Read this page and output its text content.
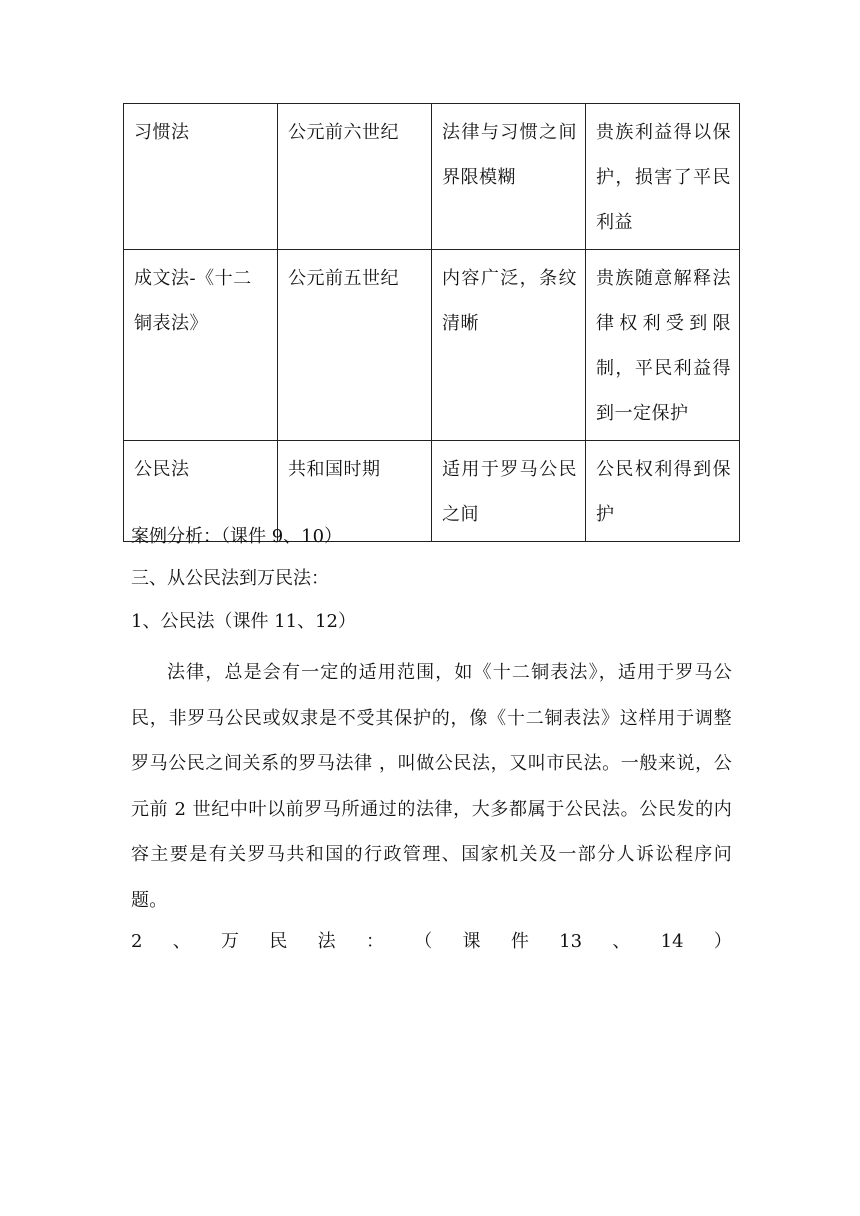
习惯法	公元前六世纪	法律与习惯之间界限模糊	贵族利益得以保护，损害了平民利益
成文法-《十二铜表法》	公元前五世纪	内容广泛，条纹清晰	贵族随意解释法律权利受到限制，平民利益得到一定保护
公民法	共和国时期	适用于罗马公民之间	公民权利得到保护
案例分析：（课件 9、10）
三、从公民法到万民法：
1、公民法（课件 11、12）
法律，总是会有一定的适用范围，如《十二铜表法》，适用于罗马公民，非罗马公民或奴隶是不受其保护的，像《十二铜表法》这样用于调整罗马公民之间关系的罗马法律 ，叫做公民法，又叫市民法。一般来说，公元前 2 世纪中叶以前罗马所通过的法律，大多都属于公民法。公民发的内容主要是有关罗马共和国的行政管理、国家机关及一部分人诉讼程序问题。
2 、 万 民 法 ： （ 课 件 13 、 14 ）
